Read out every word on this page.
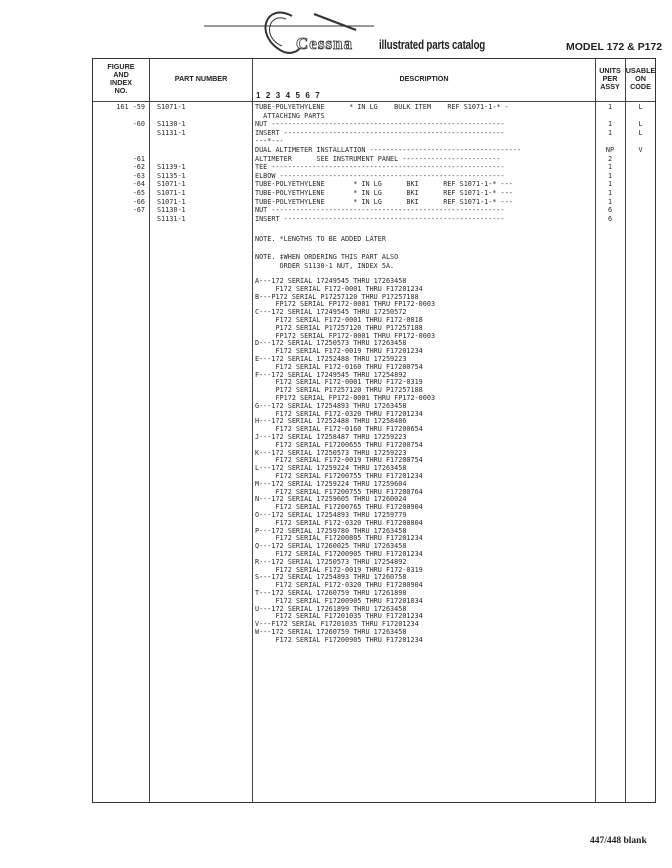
Cessna illustrated parts catalog	MODEL 172 & P172
FIGURE
AND
INDEX
NO.
PART NUMBER	DESCRIPTION
1 2 3 4 5 6 7
UNITS
PER
ASSY
USABLE
ON
CODE
161 -59 S1071-1	TUBE-POLYETHYLENE      * IN LG    BULK ITEM    REF S1071-1-* -	1	L
ATTACHING PARTS
-60 S1130-1	NUT ---------------------------------------------------------	1	L
S1131-1	INSERT ------------------------------------------------------	1	L
---*---
DUAL ALTIMETER INSTALLATION -------------------------------------	NP	V
-61	ALTIMETER      SEE INSTRUMENT PANEL ------------------------	2
-62 S1139-1	TEE ---------------------------------------------------------	1
-63 S1135-1	ELBOW -------------------------------------------------------	1
-64 S1071-1	TUBE-POLYETHYLENE       * IN LG      BKI      REF S1071-1-* ---	1
-65 S1071-1	TUBE-POLYETHYLENE       * IN LG      BKI      REF S1071-1-* ---	1
-66 S1071-1	TUBE-POLYETHYLENE       * IN LG      BKI      REF S1071-1-* ---	1
-67 S1130-1	NUT ---------------------------------------------------------	6
S1131-1	INSERT ------------------------------------------------------	6
NOTE. *LENGTHS TO BE ADDED LATER
NOTE. ‡WHEN ORDERING THIS PART ALSO
ORDER S1130-1 NUT, INDEX 5A.
A---172 SERIAL 17249545 THRU 17263458
F172 SERIAL F172-0001 THRU F17201234
B---P172 SERIAL P17257120 THRU P17257188
FP172 SERIAL FP172-0001 THRU FP172-0003
C---172 SERIAL 17249545 THRU 17250572
F172 SERIAL F172-0001 THRU F172-0018
P172 SERIAL P17257120 THRU P17257188
FP172 SERIAL FP172-0001 THRU FP172-0003
D---172 SERIAL 17250573 THRU 17263458
F172 SERIAL F172-0019 THRU F17201234
E---172 SERIAL 17252488 THRU 17259223
F172 SERIAL F172-0160 THRU F17200754
F---172 SERIAL 17249545 THRU 17254892
F172 SERIAL F172-0001 THRU F172-0319
P172 SERIAL P17257120 THRU P17257188
FP172 SERIAL FP172-0001 THRU FP172-0003
G---172 SERIAL 17254893 THRU 17263458
F172 SERIAL F172-0320 THRU F17201234
H---172 SERIAL 17252488 THRU 17258486
F172 SERIAL F172-0160 THRU F17200654
J---172 SERIAL 17258487 THRU 17259223
F172 SERIAL F17200655 THRU F17200754
K---172 SERIAL 17250573 THRU 17259223
F172 SERIAL F172-0019 THRU F17200754
L---172 SERIAL 17259224 THRU 17263458
F172 SERIAL F17200755 THRU F17201234
M---172 SERIAL 17259224 THRU 17259604
F172 SERIAL F17200755 THRU F17200764
N---172 SERIAL 17259605 THRU 17260024
F172 SERIAL F17200765 THRU F17200904
O---172 SERIAL 17254893 THRU 17259779
F172 SERIAL F172-0320 THRU F17200804
P---172 SERIAL 17259780 THRU 17263458
F172 SERIAL F17200805 THRU F17201234
Q---172 SERIAL 17260025 THRU 17263458
F172 SERIAL F17200905 THRU F17201234
R---172 SERIAL 17250573 THRU 17254892
F172 SERIAL F172-0019 THRU F172-0319
S---172 SERIAL 17254893 THRU 17260758
F172 SERIAL F172-0320 THRU F17200904
T---172 SERIAL 17260759 THRU 17261898
F172 SERIAL F17200905 THRU F17201034
U---172 SERIAL 17261899 THRU 17263458
F172 SERIAL F17201035 THRU F17201234
V---F172 SERIAL F17201035 THRU F17201234
W---172 SERIAL 17260759 THRU 17263458
F172 SERIAL F17200905 THRU F17201234
447/448 blank
